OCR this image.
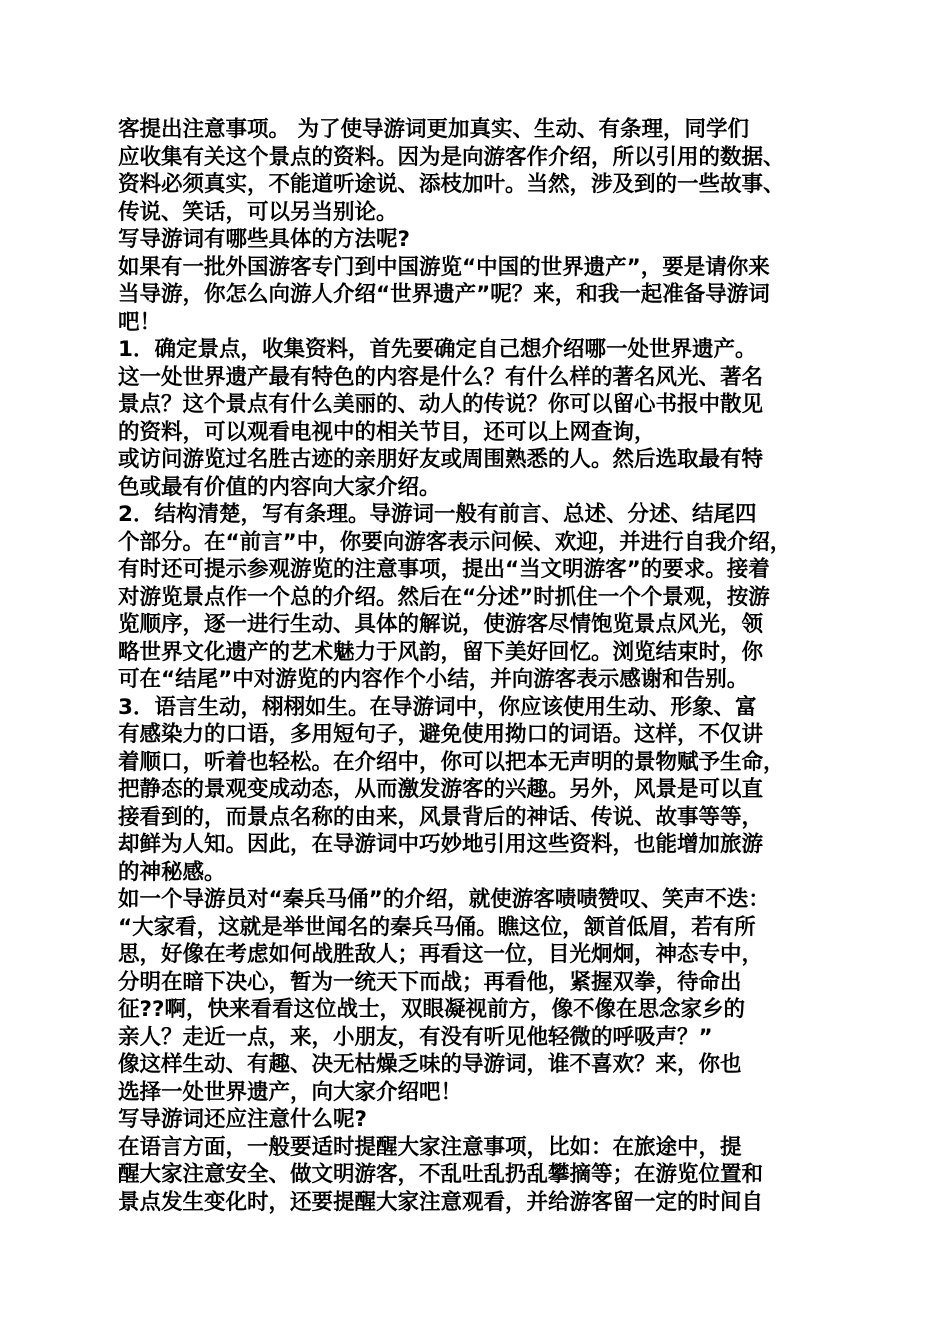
客提出注意事项。 为了使导游词更加真实、生动、有条理，同学们
应收集有关这个景点的资料。因为是向游客作介绍，所以引用的数据、
资料必须真实，不能道听途说、添枝加叶。当然，涉及到的一些故事、
传说、笑话，可以另当别论。
写导游词有哪些具体的方法呢?
如果有一批外国游客专门到中国游览“中国的世界遗产”，要是请你来
当导游，你怎么向游人介绍“世界遗产”呢？来，和我一起准备导游词
吧！
1．确定景点，收集资料，首先要确定自己想介绍哪一处世界遗产。
这一处世界遗产最有特色的内容是什么？有什么样的著名风光、著名
景点？这个景点有什么美丽的、动人的传说？你可以留心书报中散见
的资料，可以观看电视中的相关节目，还可以上网查询，
或访问游览过名胜古迹的亲朋好友或周围熟悉的人。然后选取最有特
色或最有价值的内容向大家介绍。
2．结构清楚，写有条理。导游词一般有前言、总述、分述、结尾四
个部分。在“前言”中，你要向游客表示问候、欢迎，并进行自我介绍，
有时还可提示参观游览的注意事项，提出“当文明游客”的要求。接着
对游览景点作一个总的介绍。然后在“分述”时抓住一个个景观，按游
览顺序，逐一进行生动、具体的解说，使游客尽情饱览景点风光，领
略世界文化遗产的艺术魅力于风韵，留下美好回忆。浏览结束时，你
可在“结尾”中对游览的内容作个小结，并向游客表示感谢和告别。
3．语言生动，栩栩如生。在导游词中，你应该使用生动、形象、富
有感染力的口语，多用短句子，避免使用拗口的词语。这样，不仅讲
着顺口，听着也轻松。在介绍中，你可以把本无声明的景物赋予生命，
把静态的景观变成动态，从而激发游客的兴趣。另外，风景是可以直
接看到的，而景点名称的由来，风景背后的神话、传说、故事等等，
却鲜为人知。因此，在导游词中巧妙地引用这些资料，也能增加旅游
的神秘感。
如一个导游员对“秦兵马俑”的介绍，就使游客啧啧赞叹、笑声不迭：
“大家看，这就是举世闻名的秦兵马俑。瞧这位，颔首低眉，若有所
思，好像在考虑如何战胜敌人；再看这一位，目光炯炯，神态专中，
分明在暗下决心，暂为一统天下而战；再看他，紧握双拳，待命出
征??啊，快来看看这位战士，双眼凝视前方，像不像在思念家乡的
亲人？走近一点，来，小朋友，有没有听见他轻微的呼吸声？”
像这样生动、有趣、决无枯燥乏味的导游词，谁不喜欢？来，你也
选择一处世界遗产，向大家介绍吧！
写导游词还应注意什么呢?
在语言方面，一般要适时提醒大家注意事项，比如：在旅途中，提
醒大家注意安全、做文明游客，不乱吐乱扔乱攀摘等；在游览位置和
景点发生变化时，还要提醒大家注意观看，并给游客留一定的时间自
